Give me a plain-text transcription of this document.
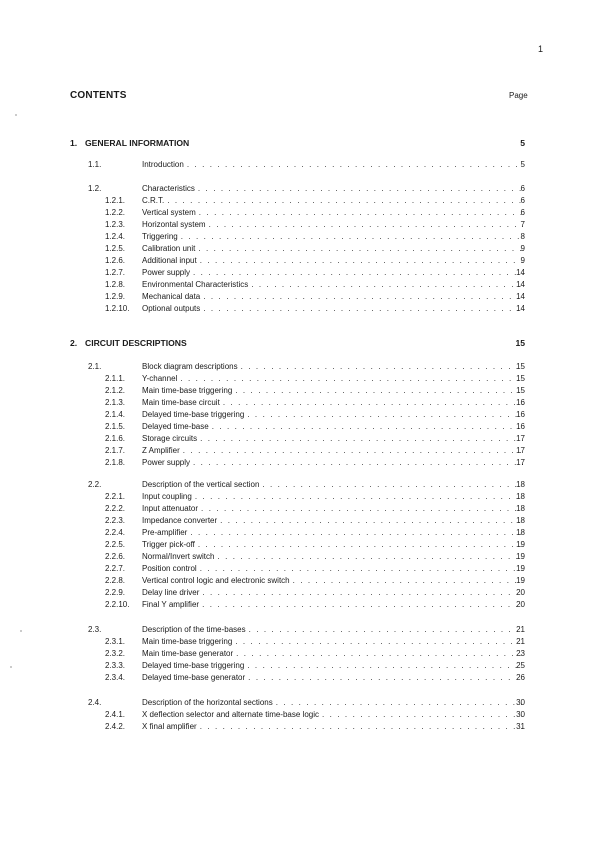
1
CONTENTS	Page
1. GENERAL INFORMATION	5
1.1.	Introduction . . .	5
1.2.	Characteristics . . .	6
1.2.1. C.R.T. . . .	6
1.2.2. Vertical system . . .	6
1.2.3. Horizontal system . . .	7
1.2.4. Triggering . . .	8
1.2.5. Calibration unit . . .	9
1.2.6. Additional input . . .	9
1.2.7. Power supply . . .	14
1.2.8. Environmental Characteristics . . .	14
1.2.9. Mechanical data . . .	14
1.2.10. Optional outputs . . .	14
2. CIRCUIT DESCRIPTIONS	15
2.1.	Block diagram descriptions . . .	15
2.1.1. Y-channel . . .	15
2.1.2. Main time-base triggering . . .	15
2.1.3. Main time-base circuit . . .	16
2.1.4. Delayed time-base triggering . . .	16
2.1.5. Delayed time-base . . .	16
2.1.6. Storage circuits . . .	17
2.1.7. Z Amplifier . . .	17
2.1.8. Power supply . . .	17
2.2.	Description of the vertical section . . .	18
2.2.1. Input coupling . . .	18
2.2.2. Input attenuator . . .	18
2.2.3. Impedance converter . . .	18
2.2.4. Pre-amplifier . . .	18
2.2.5. Trigger pick-off . . .	19
2.2.6. Normal/Invert switch . . .	19
2.2.7. Position control . . .	19
2.2.8. Vertical control logic and electronic switch . . .	19
2.2.9. Delay line driver . . .	20
2.2.10. Final Y amplifier . . .	20
2.3.	Description of the time-bases . . .	21
2.3.1. Main time-base triggering . . .	21
2.3.2. Main time-base generator . . .	23
2.3.3. Delayed time-base triggering . . .	25
2.3.4. Delayed time-base generator . . .	26
2.4.	Description of the horizontal sections . . .	30
2.4.1. X deflection selector and alternate time-base logic . . .	30
2.4.2. X final amplifier . . .	31
